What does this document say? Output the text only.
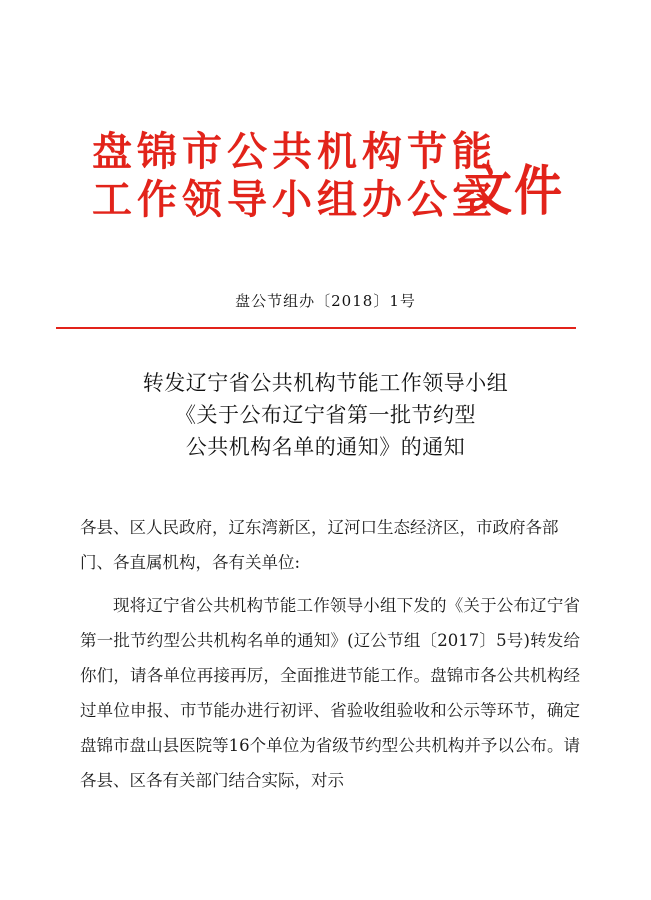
盘锦市公共机构节能
工作领导小组办公室
文件
盘公节组办〔2018〕1号
转发辽宁省公共机构节能工作领导小组
《关于公布辽宁省第一批节约型
公共机构名单的通知》的通知

各县、区人民政府，辽东湾新区，辽河口生态经济区，市政府各部门、各直属机构，各有关单位:

现将辽宁省公共机构节能工作领导小组下发的《关于公布辽宁省第一批节约型公共机构名单的通知》(辽公节组〔2017〕5号)转发给你们，请各单位再接再厉，全面推进节能工作。盘锦市各公共机构经过单位申报、市节能办进行初评、省验收组验收和公示等环节，确定盘锦市盘山县医院等16个单位为省级节约型公共机构并予以公布。请各县、区各有关部门结合实际，对示
